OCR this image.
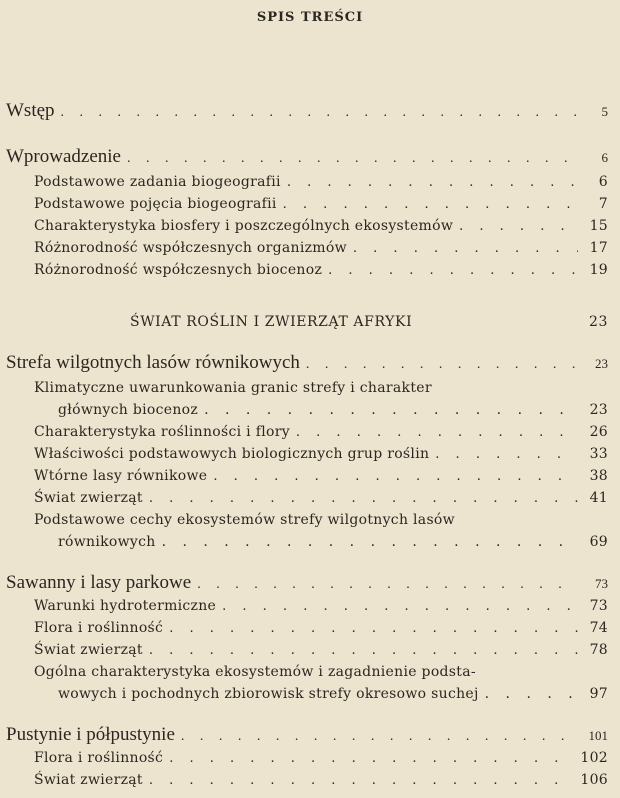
SPIS TREŚCI
Wstęp . . .	5
Wprowadzenie . . .	6
Podstawowe zadania biogeografii . . .	6
Podstawowe pojęcia biogeografii . . .	7
Charakterystyka biosfery i poszczególnych ekosystemów . . .	15
Różnorodność współczesnych organizmów . . .	17
Różnorodność współczesnych biocenoz . . .	19
ŚWIAT ROŚLIN I ZWIERZĄT AFRYKI	23
Strefa wilgotnych lasów równikowych . . .	23
Klimatyczne uwarunkowania granic strefy i charakter
głównych biocenoz . . .	23
Charakterystyka roślinności i flory . . .	26
Właściwości podstawowych biologicznych grup roślin . . .	33
Wtórne lasy równikowe . . .	38
Świat zwierząt . . .	41
Podstawowe cechy ekosystemów strefy wilgotnych lasów
równikowych . . .	69
Sawanny i lasy parkowe . . .	73
Warunki hydrotermiczne . . .	73
Flora i roślinność . . .	74
Świat zwierząt . . .	78
Ogólna charakterystyka ekosystemów i zagadnienie podsta-
wowych i pochodnych zbiorowisk strefy okresowo suchej . . .	97
Pustynie i półpustynie . . .	101
Flora i roślinność . . .	102
Świat zwierząt . . .	106
